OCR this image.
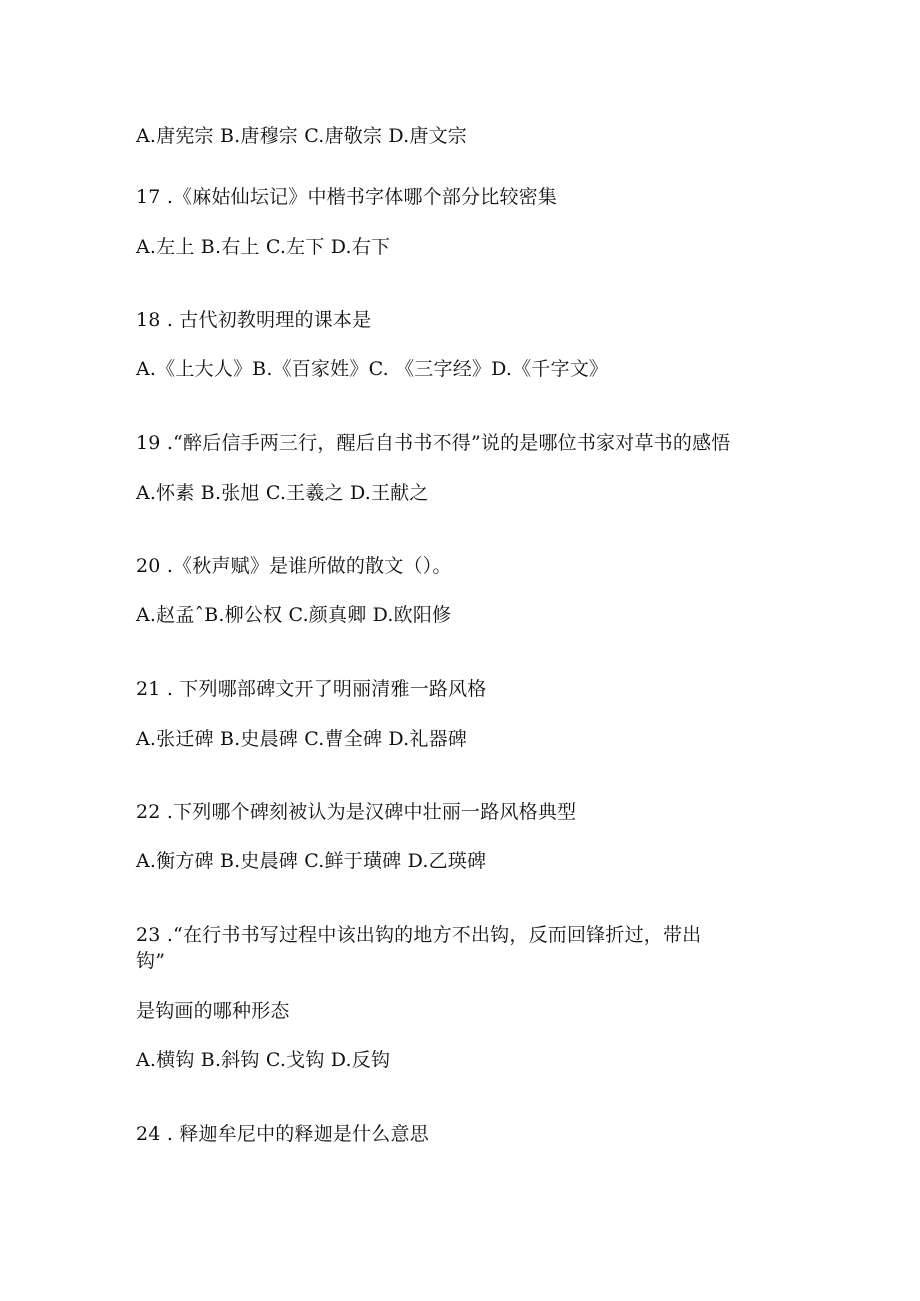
A.唐宪宗 B.唐穆宗 C.唐敬宗 D.唐文宗
17 .《麻姑仙坛记》中楷书字体哪个部分比较密集
A.左上 B.右上 C.左下 D.右下
18 . 古代初教明理的课本是
A.《上大人》B.《百家姓》C. 《三字经》D.《千字文》
19 .“醉后信手两三行，醒后自书书不得”说的是哪位书家对草书的感悟
A.怀素 B.张旭 C.王羲之 D.王献之
20 .《秋声赋》是谁所做的散文（）。
A.赵孟ˆB.柳公权 C.颜真卿 D.欧阳修
21 . 下列哪部碑文开了明丽清雅一路风格
A.张迁碑 B.史晨碑 C.曹全碑 D.礼器碑
22 .下列哪个碑刻被认为是汉碑中壮丽一路风格典型
A.衡方碑 B.史晨碑 C.鲜于璜碑 D.乙瑛碑
23 .“在行书书写过程中该出钩的地方不出钩，反而回锋折过，带出
钩”
是钩画的哪种形态
A.横钩 B.斜钩 C.戈钩 D.反钩
24 . 释迦牟尼中的释迦是什么意思
